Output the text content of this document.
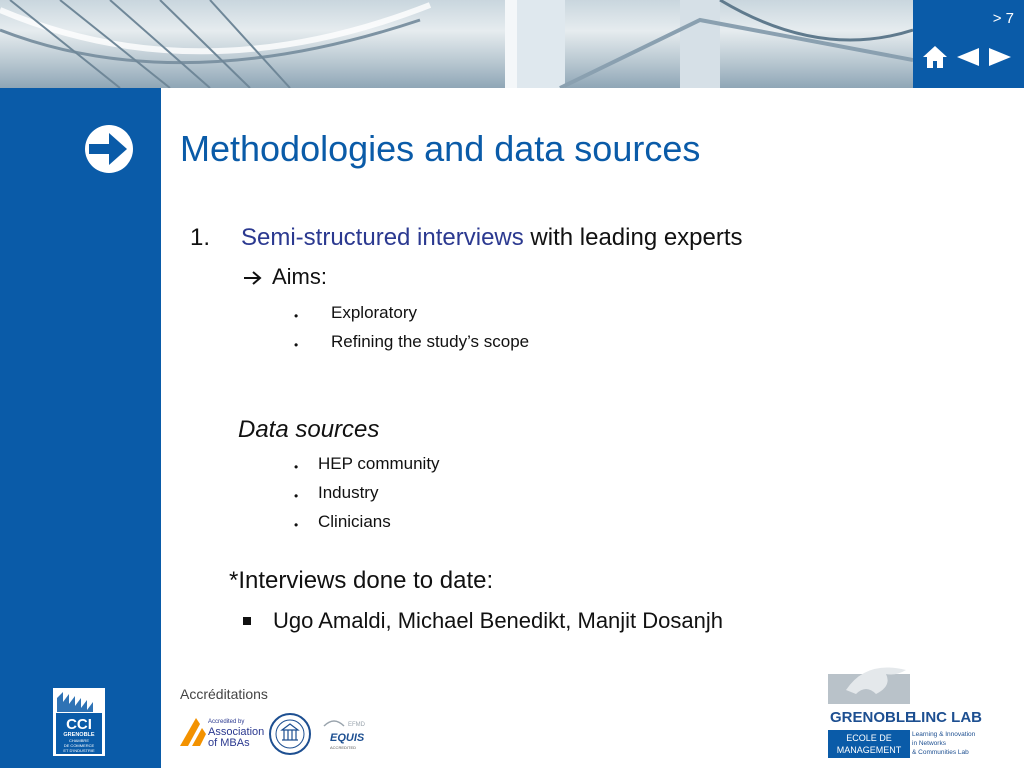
> 7
CCI
GRENOBLE
CHAMBRE
DE COMMERCE
ET D'INDUSTRIE
Methodologies and data sources
1. Semi-structured interviews with leading experts
Aims:
• Exploratory
• Refining the study’s scope
Data sources
• HEP community
• Industry
• Clinicians
*Interviews done to date:
Ugo Amaldi, Michael Benedikt, Manjit Dosanjh
Accréditations
Accredited by
Association
of MBAs
EFMD
EQUIS
ACCREDITED
GRENOBLE
LINC LAB
ECOLE DE
MANAGEMENT
Learning & Innovation
in Networks
& Communities Lab
